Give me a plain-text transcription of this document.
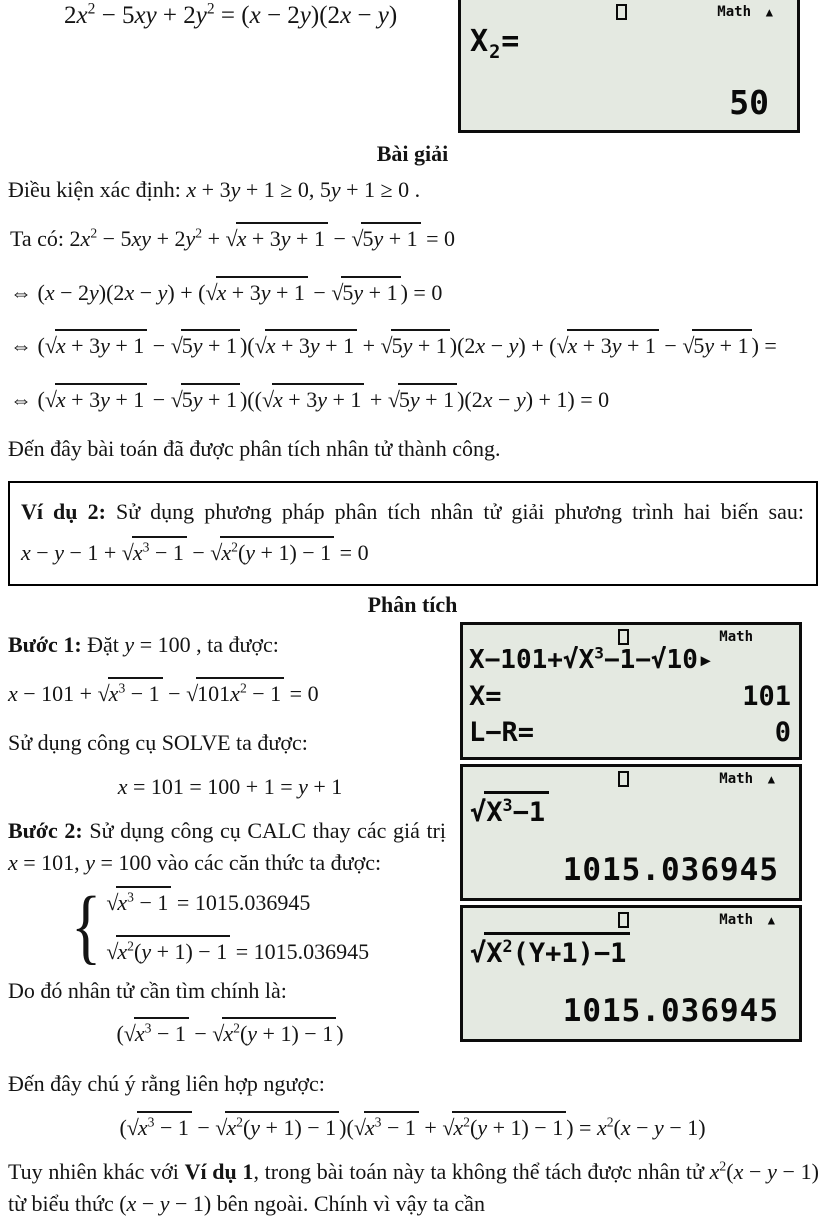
$2x^2 - 5xy + 2y^2 = (x - 2y)(2x - y)$	Math ▲
$X_2=$
50
Bài giải
Điều kiện xác định: x + 3y + 1 ≥ 0, 5y + 1 ≥ 0 .
Ta có: $2x^2 - 5xy + 2y^2 + √x + 3y + 1 - √5y + 1 = 0$
⇔ (x − 2y)(2x − y) + (√x + 3y + 1 − √5y + 1 ) = 0
⇔ (√x + 3y + 1 − √5y + 1 )(√x + 3y + 1 + √5y + 1 )(2x − y) + (√x + 3y + 1 − √5y + 1 ) =
⇔ (√x + 3y + 1 − √5y + 1 )((√x + 3y + 1 + √5y + 1 )(2x − y) + 1) = 0
Đến đây bài toán đã được phân tích nhân tử thành công.
Ví dụ 2: Sử dụng phương pháp phân tích nhân tử giải phương trình hai biến sau: $x - y - 1 + √x^3 - 1 - √x^2(y + 1) - 1 = 0$
Phân tích
Bước 1: Đặt y = 100 , ta được:
$x - 101 + √x^3 - 1 - √101x^2 - 1 = 0$
Sử dụng công cụ SOLVE ta được:
x = 101 = 100 + 1 = y + 1
Bước 2: Sử dụng công cụ CALC thay các giá trị x = 101, y = 100 vào các căn thức ta được:
{ $√x^3 - 1 = 1015.036945$
$√x^2(y + 1) - 1 = 1015.036945$
Do đó nhân tử cần tìm chính là:
($√x^3 - 1 - √x^2(y + 1) - 1$ )
Math
$X-101+√X^3-1-√10▸$
X=	101
L−R=	0
Math ▲
$√X^3-1$
1015.036945
Math ▲
$√X^2(Y+1)-1$
1015.036945
Đến đây chú ý rằng liên hợp ngược:
($√x^3 - 1 - √x^2(y + 1) - 1$ )($√x^3 - 1 + √x^2(y + 1) - 1$ ) = $x^2(x - y - 1)$
Tuy nhiên khác với Ví dụ 1, trong bài toán này ta không thể tách được nhân tử $x^2(x - y - 1)$ từ biểu thức (x − y − 1) bên ngoài. Chính vì vậy ta cần
